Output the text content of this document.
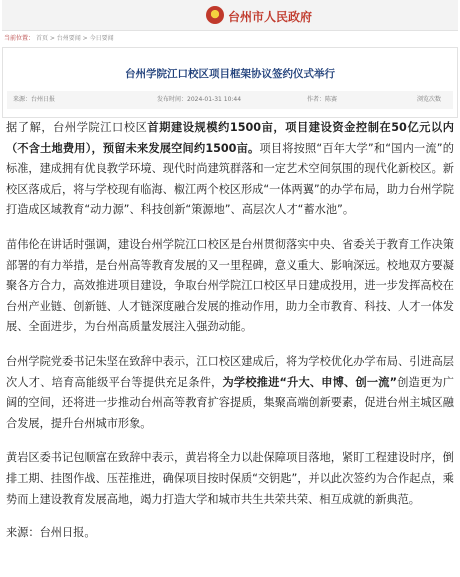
台州市人民政府
当前位置： 首页 > 台州要闻 > 今日要闻
台州学院江口校区项目框架协议签约仪式举行
来源：台州日报	发布时间：2024-01-31 10:44	作者：陈赛	浏览次数

据了解，台州学院江口校区首期建设规模约1500亩，项目建设资金控制在50亿元以内（不含土地费用），预留未来发展空间约1500亩。项目将按照“百年大学”和“国内一流”的标准，建成拥有优良教学环境、现代时尚建筑群落和一定艺术空间氛围的现代化新校区。新校区落成后，将与学校现有临海、椒江两个校区形成“一体两翼”的办学布局，助力台州学院打造成区域教育“动力源”、科技创新“策源地”、高层次人才“蓄水池”。

苗伟伦在讲话时强调，建设台州学院江口校区是台州贯彻落实中央、省委关于教育工作决策部署的有力举措，是台州高等教育发展的又一里程碑，意义重大、影响深远。校地双方要凝聚各方合力，高效推进项目建设，争取台州学院江口校区早日建成投用，进一步发挥高校在台州产业链、创新链、人才链深度融合发展的推动作用，助力全市教育、科技、人才一体发展、全面进步，为台州高质量发展注入强劲动能。

台州学院党委书记朱坚在致辞中表示，江口校区建成后，将为学校优化办学布局、引进高层次人才、培育高能级平台等提供充足条件，为学校推进“升大、申博、创一流”创造更为广阔的空间，还将进一步推动台州高等教育扩容提质，集聚高端创新要素，促进台州主城区融合发展，提升台州城市形象。

黄岩区委书记包顺富在致辞中表示，黄岩将全力以赴保障项目落地，紧盯工程建设时序，倒排工期、挂图作战、压茬推进，确保项目按时保质“交钥匙”，并以此次签约为合作起点，乘势而上建设教育发展高地，竭力打造大学和城市共生共荣共荣、相互成就的新典范。

来源：台州日报。
